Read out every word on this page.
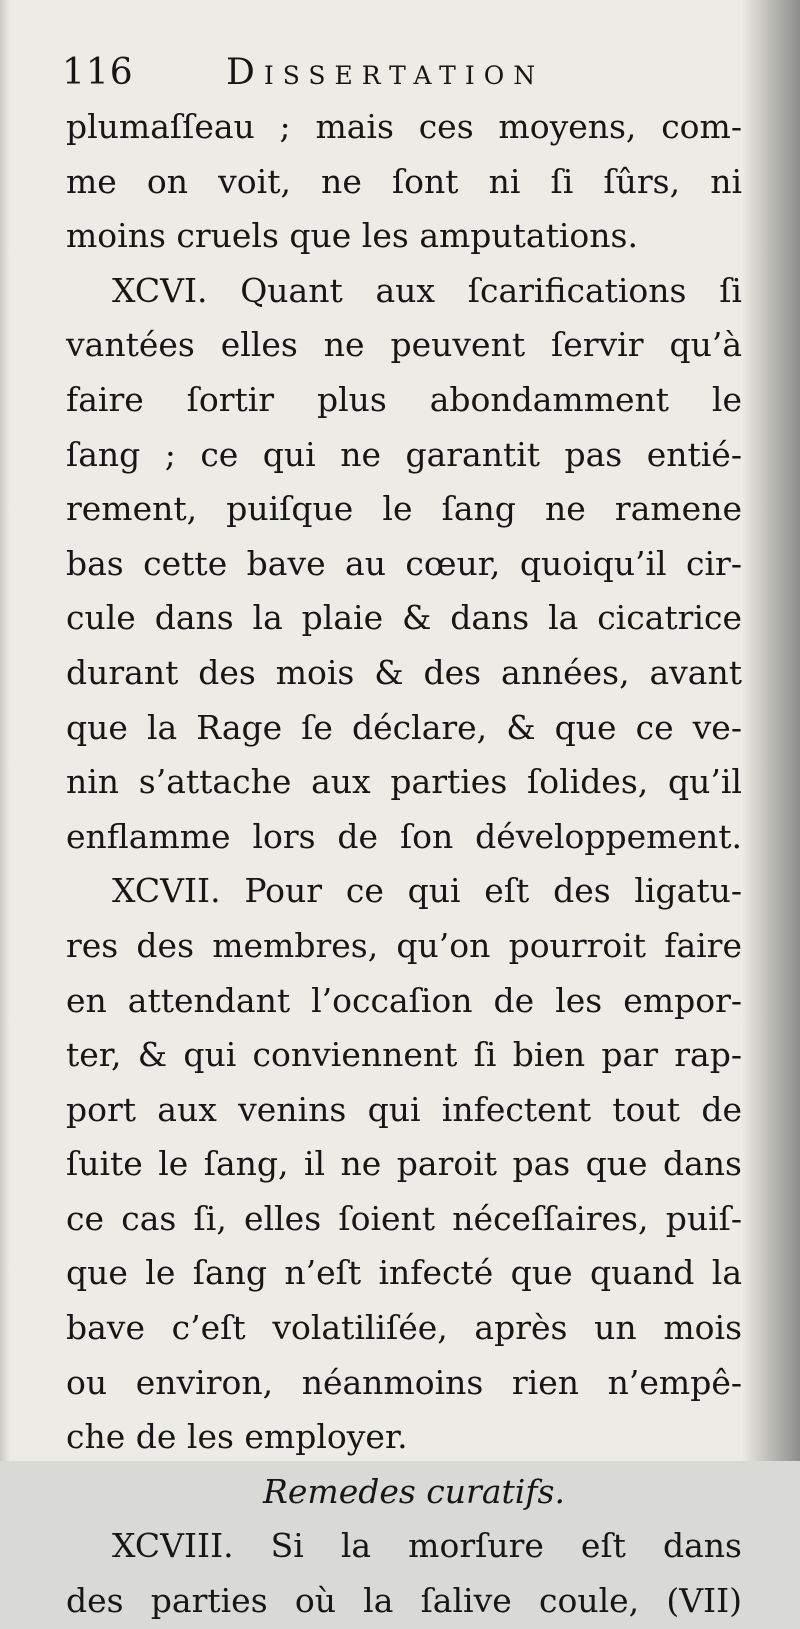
116	Dissertation
plumaſſeau ; mais ces moyens, com-
me on voit, ne ſont ni ſi ſûrs, ni
moins cruels que les amputations.
XCVI. Quant aux ſcarifications ſi
vantées elles ne peuvent ſervir qu’à
faire ſortir plus abondamment le
ſang ; ce qui ne garantit pas entié-
rement, puiſque le ſang ne ramene
bas cette bave au cœur, quoiqu’il cir-
cule dans la plaie & dans la cicatrice
durant des mois & des années, avant
que la Rage ſe déclare, & que ce ve-
nin s’attache aux parties ſolides, qu’il
enflamme lors de ſon développement.
XCVII. Pour ce qui eſt des ligatu-
res des membres, qu’on pourroit faire
en attendant l’occaſion de les empor-
ter, & qui conviennent ſi bien par rap-
port aux venins qui infectent tout de
ſuite le ſang, il ne paroit pas que dans
ce cas ſi, elles ſoient néceſſaires, puiſ-
que le ſang n’eſt infecté que quand la
bave c’eſt volatiliſée, après un mois
ou environ, néanmoins rien n’empê-
che de les employer.
Remedes curatifs.
XCVIII. Si la morſure eſt dans
des parties où la ſalive coule, (VII)
